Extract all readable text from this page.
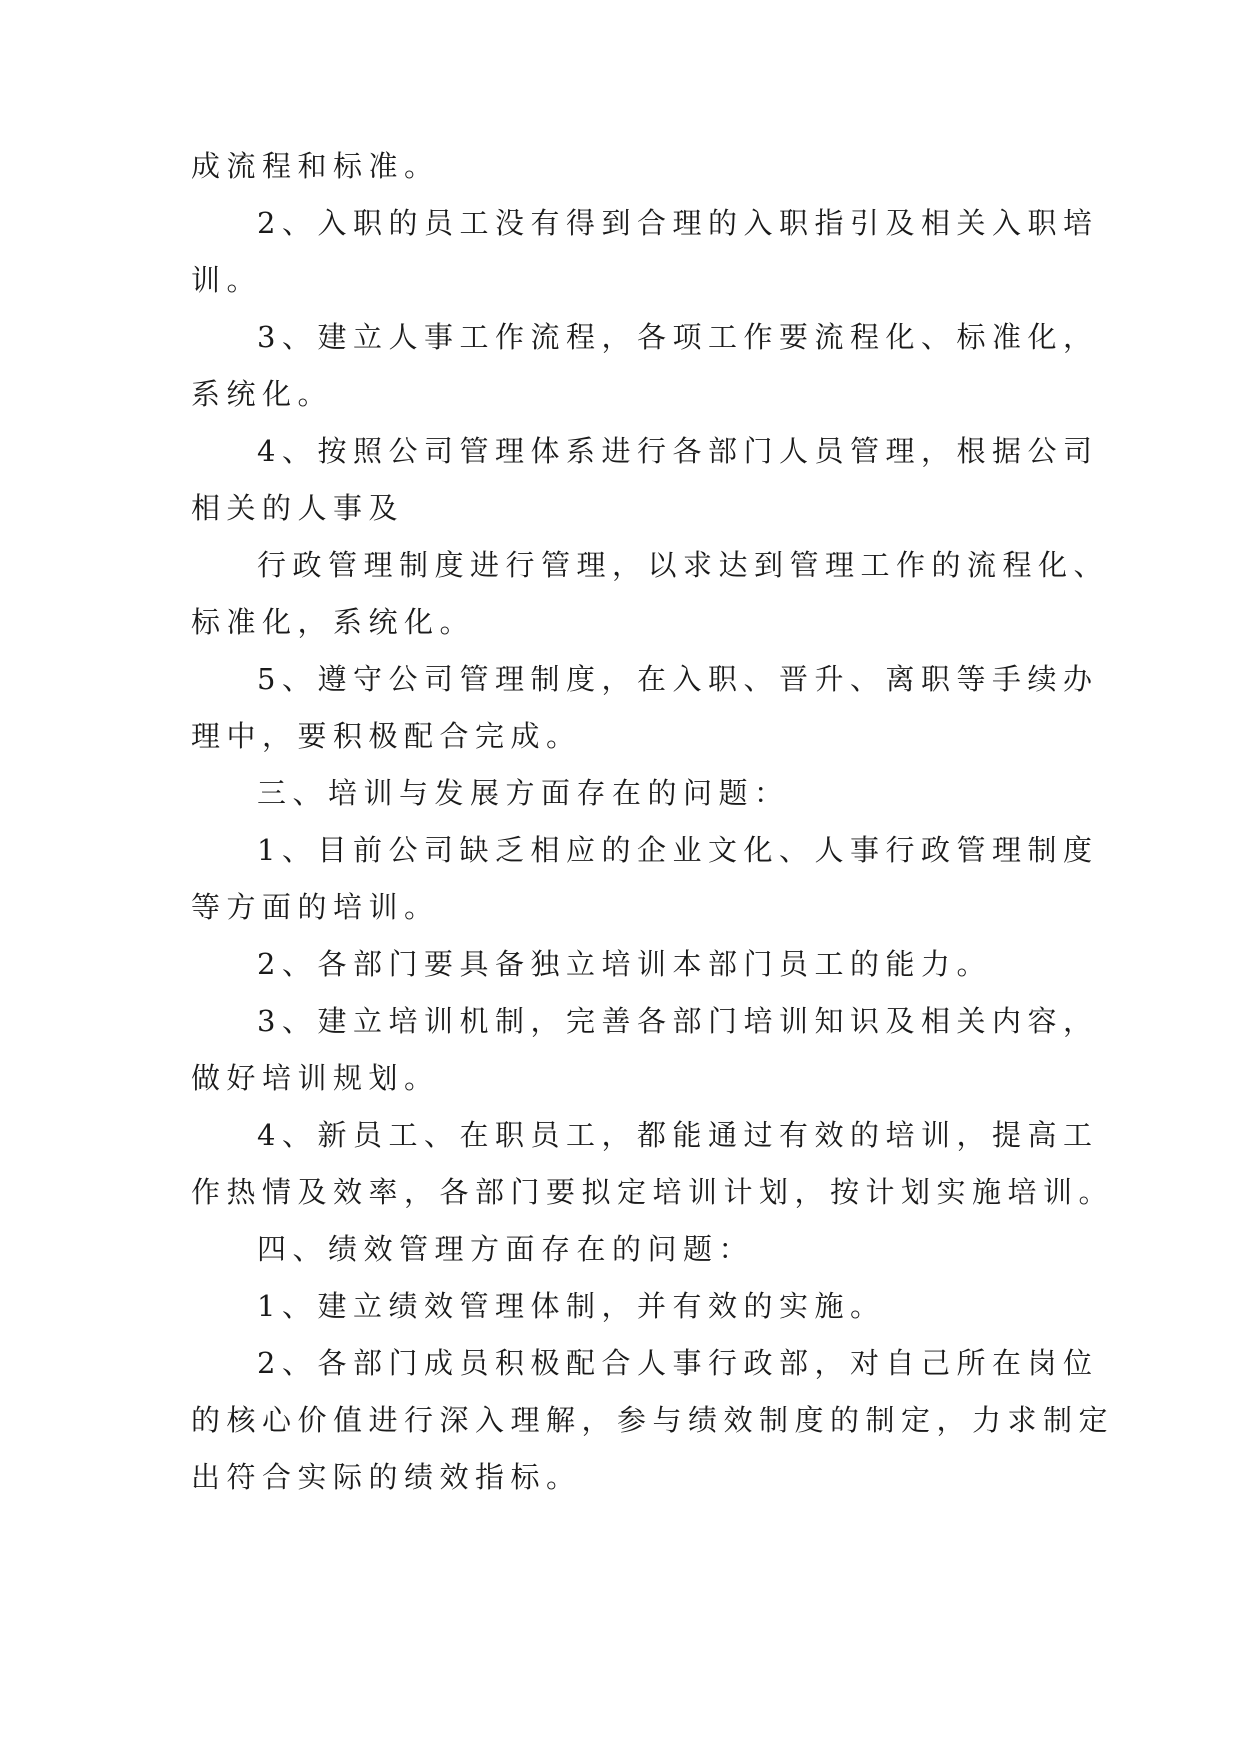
成流程和标准。
2、入职的员工没有得到合理的入职指引及相关入职培
训。
3、建立人事工作流程，各项工作要流程化、标准化，
系统化。
4、按照公司管理体系进行各部门人员管理，根据公司
相关的人事及
行政管理制度进行管理，以求达到管理工作的流程化、
标准化，系统化。
5、遵守公司管理制度，在入职、晋升、离职等手续办
理中，要积极配合完成。
三、培训与发展方面存在的问题：
1、目前公司缺乏相应的企业文化、人事行政管理制度
等方面的培训。
2、各部门要具备独立培训本部门员工的能力。
3、建立培训机制，完善各部门培训知识及相关内容，
做好培训规划。
4、新员工、在职员工，都能通过有效的培训，提高工
作热情及效率，各部门要拟定培训计划，按计划实施培训。
四、绩效管理方面存在的问题：
1、建立绩效管理体制，并有效的实施。
2、各部门成员积极配合人事行政部，对自己所在岗位
的核心价值进行深入理解，参与绩效制度的制定，力求制定
出符合实际的绩效指标。
